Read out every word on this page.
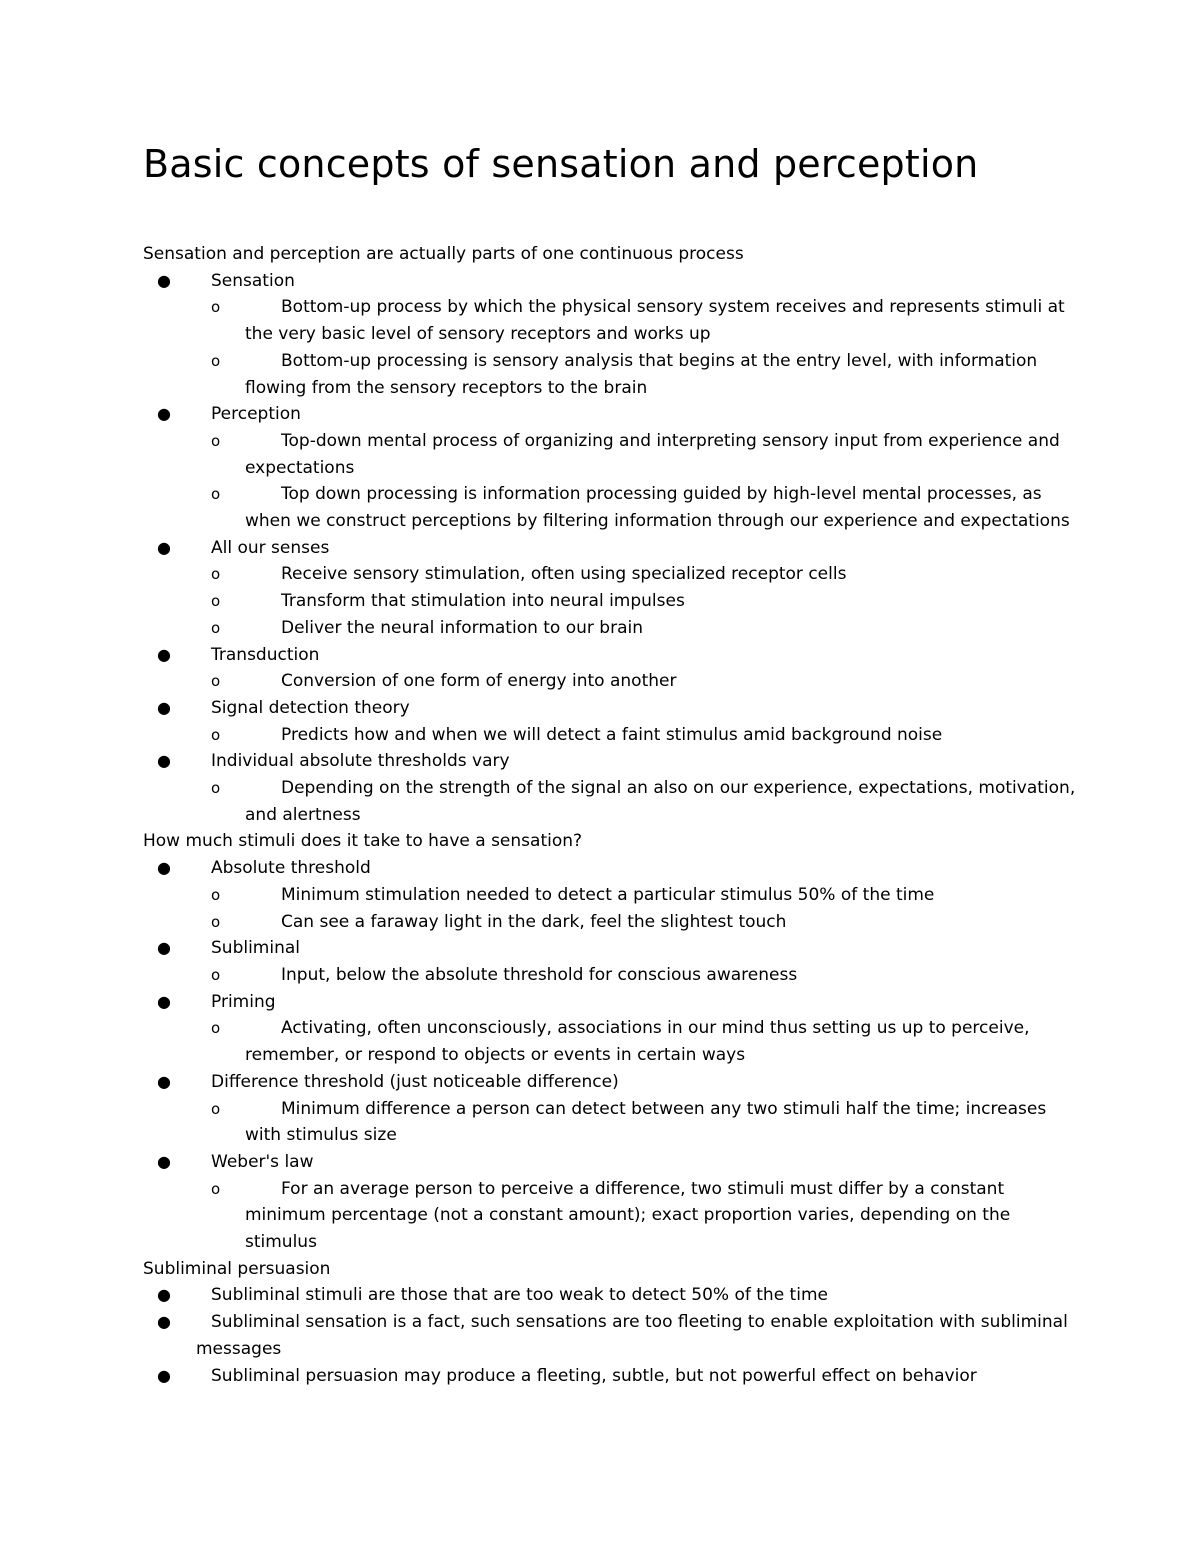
Basic concepts of sensation and perception

Sensation and perception are actually parts of one continuous process

● Sensation
o	Bottom-up process by which the physical sensory system receives and represents stimuli at the very basic level of sensory receptors and works up
o	Bottom-up processing is sensory analysis that begins at the entry level, with information flowing from the sensory receptors to the brain
● Perception
o	Top-down mental process of organizing and interpreting sensory input from experience and expectations
o	Top down processing is information processing guided by high-level mental processes, as when we construct perceptions by filtering information through our experience and expectations
● All our senses
o	Receive sensory stimulation, often using specialized receptor cells
o	Transform that stimulation into neural impulses
o	Deliver the neural information to our brain
● Transduction
o	Conversion of one form of energy into another
● Signal detection theory
o	Predicts how and when we will detect a faint stimulus amid background noise
● Individual absolute thresholds vary
o	Depending on the strength of the signal an also on our experience, expectations, motivation, and alertness

How much stimuli does it take to have a sensation?

● Absolute threshold
o	Minimum stimulation needed to detect a particular stimulus 50% of the time
o	Can see a faraway light in the dark, feel the slightest touch
● Subliminal
o	Input, below the absolute threshold for conscious awareness
● Priming
o	Activating, often unconsciously, associations in our mind thus setting us up to perceive, remember, or respond to objects or events in certain ways
● Difference threshold (just noticeable difference)
o	Minimum difference a person can detect between any two stimuli half the time; increases with stimulus size
● Weber's law
o	For an average person to perceive a difference, two stimuli must differ by a constant minimum percentage (not a constant amount); exact proportion varies, depending on the stimulus

Subliminal persuasion

● Subliminal stimuli are those that are too weak to detect 50% of the time
● Subliminal sensation is a fact, such sensations are too fleeting to enable exploitation with subliminal messages
● Subliminal persuasion may produce a fleeting, subtle, but not powerful effect on behavior
